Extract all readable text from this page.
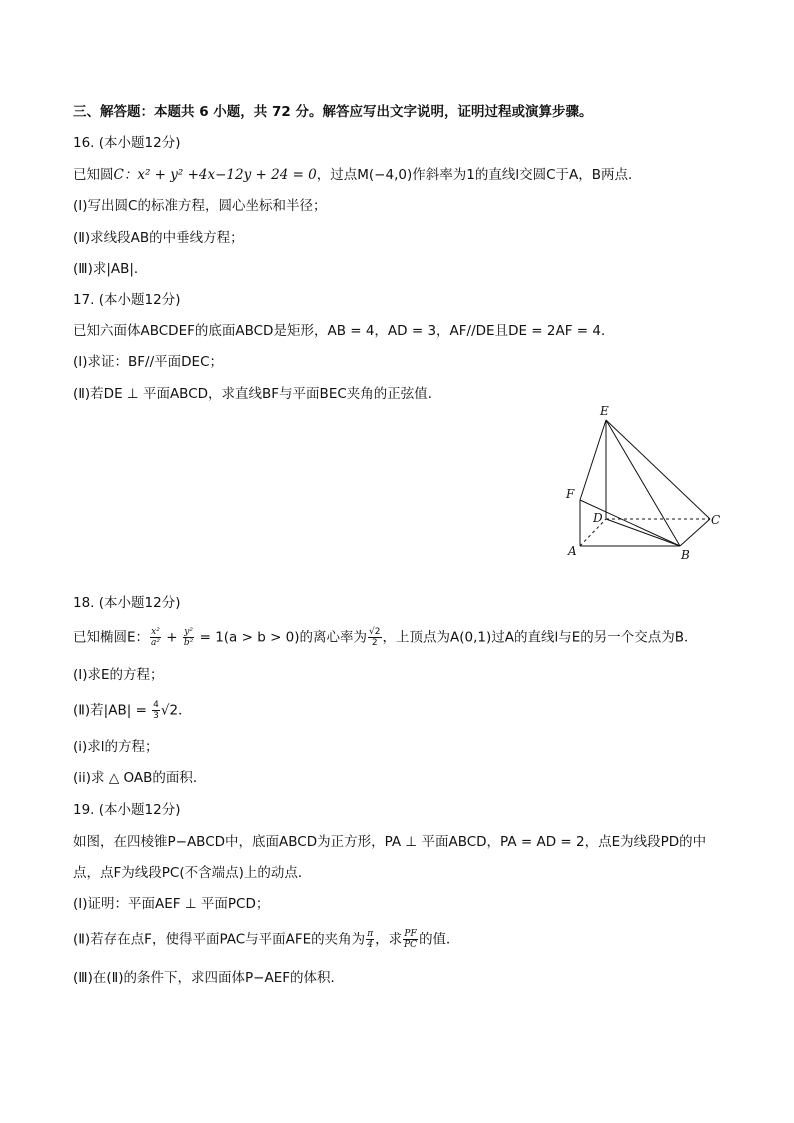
三、解答题：本题共 6 小题，共 72 分。解答应写出文字说明，证明过程或演算步骤。
16. (本小题12分)
已知圆C：x² + y² +4x−12y + 24 = 0，过点M(−4,0)作斜率为1的直线l交圆C于A，B两点．
(Ⅰ)写出圆C的标准方程，圆心坐标和半径；
(Ⅱ)求线段AB的中垂线方程；
(Ⅲ)求|AB|．
17. (本小题12分)
已知六面体ABCDEF的底面ABCD是矩形，AB = 4，AD = 3，AF//DE且DE = 2AF = 4．
(Ⅰ)求证：BF//平面DEC；
(Ⅱ)若DE ⊥ 平面ABCD，求直线BF与平面BEC夹角的正弦值．
E
F
D	C
A	B
18. (本小题12分)
已知椭圆E： $\frac{\text{x²}}{\text{a²}} + \frac{\text{y²}}{\text{b²}} = 1(a > b > 0)$的离心率为 $\frac{√2}{2}$ ，上顶点为A(0,1)过A的直线l与E的另一个交点为B．
(Ⅰ)求E的方程；
(Ⅱ)若$|AB| = \frac{4}{3} √2$．
(i)求l的方程；
(ii)求 △ OAB的面积．
19. (本小题12分)
如图，在四棱锥P−ABCD中，底面ABCD为正方形，PA ⊥ 平面ABCD，PA = AD = 2，点E为线段PD的中
点，点F为线段PC(不含端点)上的动点．
(Ⅰ)证明：平面AEF ⊥ 平面PCD；
(Ⅱ)若存在点F，使得平面PAC与平面AFE的夹角为 $\frac{\pi}{4}$ ，求 $\frac{PF}{PC}$ 的值．
(Ⅲ)在(Ⅱ)的条件下，求四面体P−AEF的体积．
